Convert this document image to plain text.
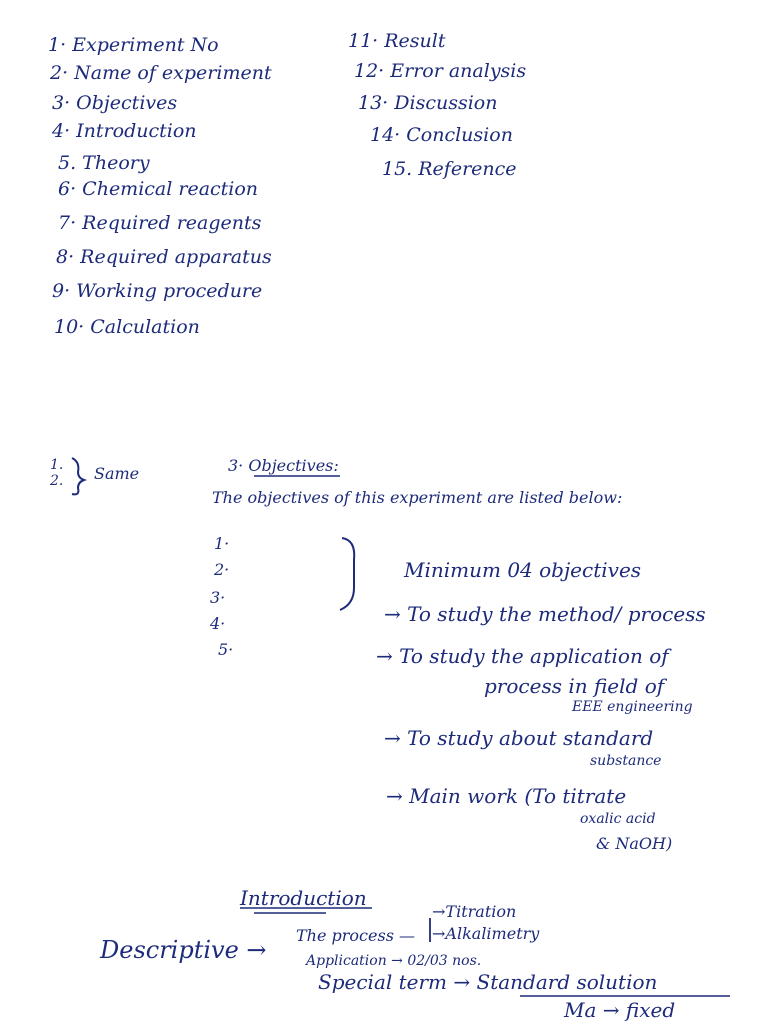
1· Experiment No
2· Name of experiment
3· Objectives
4· Introduction
5. Theory
6· Chemical reaction
7· Required reagents
8· Required apparatus
9· Working procedure
10· Calculation
11· Result
12· Error analysis
13· Discussion
14· Conclusion
15. Reference
1.
2. Same	3· Objectives:
The objectives of this experiment are listed below:
1·
2·
3·
4·
5·
Minimum 04 objectives
→ To study the method/ process
→ To study the application of
process in field of
EEE engineering
→ To study about standard
substance
→ Main work (To titrate
oxalic acid
& NaOH)
Introduction
Descriptive →
The process —
→Titration
→Alkalimetry
Application → 02/03 nos.
Special term → Standard solution
Ma → fixed
